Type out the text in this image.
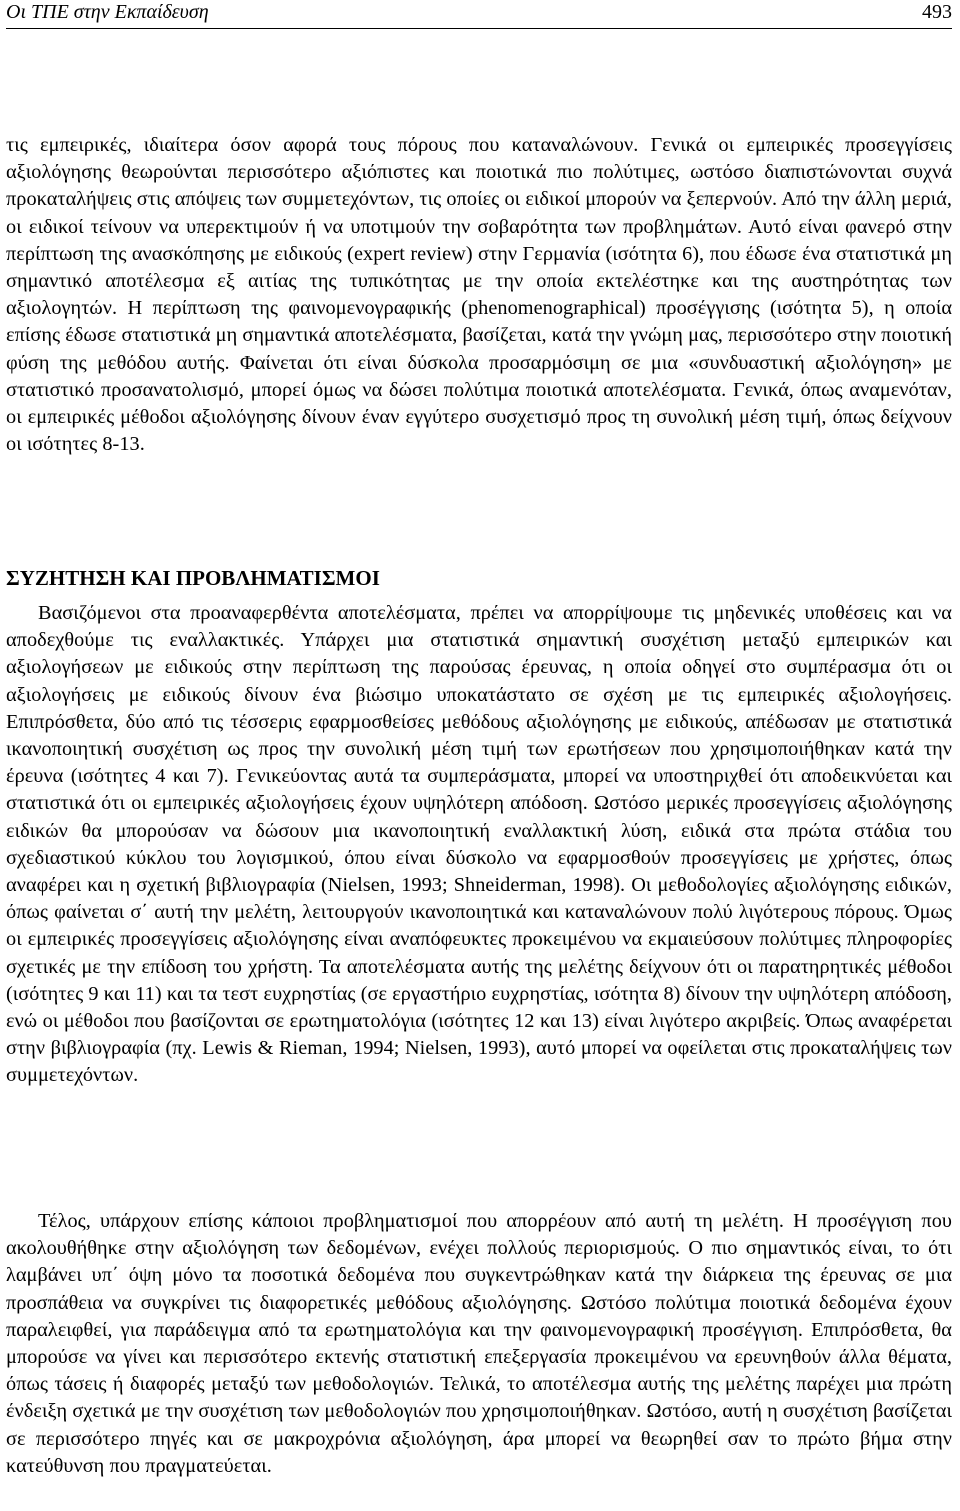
Οι ΤΠΕ στην Εκπαίδευση	493

τις εμπειρικές, ιδιαίτερα όσον αφορά τους πόρους που καταναλώνουν. Γενικά οι εμπειρικές προσεγγίσεις αξιολόγησης θεωρούνται περισσότερο αξιόπιστες και ποιοτικά πιο πολύτιμες, ωστόσο διαπιστώνονται συχνά προκαταλήψεις στις απόψεις των συμμετεχόντων, τις οποίες οι ειδικοί μπορούν να ξεπερνούν. Από την άλλη μεριά, οι ειδικοί τείνουν να υπερεκτιμούν ή να υποτιμούν την σοβαρότητα των προβλημάτων. Αυτό είναι φανερό στην περίπτωση της ανασκόπησης με ειδικούς (expert review) στην Γερμανία (ισότητα 6), που έδωσε ένα στατιστικά μη σημαντικό αποτέλεσμα εξ αιτίας της τυπικότητας με την οποία εκτελέστηκε και της αυστηρότητας των αξιολογητών. Η περίπτωση της φαινομενογραφικής (phenomenographical) προσέγγισης (ισότητα 5), η οποία επίσης έδωσε στατιστικά μη σημαντικά αποτελέσματα, βασίζεται, κατά την γνώμη μας, περισσότερο στην ποιοτική φύση της μεθόδου αυτής. Φαίνεται ότι είναι δύσκολα προσαρμόσιμη σε μια «συνδυαστική αξιολόγηση» με στατιστικό προσανατολισμό, μπορεί όμως να δώσει πολύτιμα ποιοτικά αποτελέσματα. Γενικά, όπως αναμενόταν, οι εμπειρικές μέθοδοι αξιολόγησης δίνουν έναν εγγύτερο συσχετισμό προς τη συνολική μέση τιμή, όπως δείχνουν οι ισότητες 8-13.

ΣΥΖΗΤΗΣΗ ΚΑΙ ΠΡΟΒΛΗΜΑΤΙΣΜΟΙ

Βασιζόμενοι στα προαναφερθέντα αποτελέσματα, πρέπει να απορρίψουμε τις μηδενικές υποθέσεις και να αποδεχθούμε τις εναλλακτικές. Υπάρχει μια στατιστικά σημαντική συσχέτιση μεταξύ εμπειρικών και αξιολογήσεων με ειδικούς στην περίπτωση της παρούσας έρευνας, η οποία οδηγεί στο συμπέρασμα ότι οι αξιολογήσεις με ειδικούς δίνουν ένα βιώσιμο υποκατάστατο σε σχέση με τις εμπειρικές αξιολογήσεις. Επιπρόσθετα, δύο από τις τέσσερις εφαρμοσθείσες μεθόδους αξιολόγησης με ειδικούς, απέδωσαν με στατιστικά ικανοποιητική συσχέτιση ως προς την συνολική μέση τιμή των ερωτήσεων που χρησιμοποιήθηκαν κατά την έρευνα (ισότητες 4 και 7). Γενικεύοντας αυτά τα συμπεράσματα, μπορεί να υποστηριχθεί ότι αποδεικνύεται και στατιστικά ότι οι εμπειρικές αξιολογήσεις έχουν υψηλότερη απόδοση. Ωστόσο μερικές προσεγγίσεις αξιολόγησης ειδικών θα μπορούσαν να δώσουν μια ικανοποιητική εναλλακτική λύση, ειδικά στα πρώτα στάδια του σχεδιαστικού κύκλου του λογισμικού, όπου είναι δύσκολο να εφαρμοσθούν προσεγγίσεις με χρήστες, όπως αναφέρει και η σχετική βιβλιογραφία (Nielsen, 1993; Shneiderman, 1998). Οι μεθοδολογίες αξιολόγησης ειδικών, όπως φαίνεται σ΄ αυτή την μελέτη, λειτουργούν ικανοποιητικά και καταναλώνουν πολύ λιγότερους πόρους. Όμως οι εμπειρικές προσεγγίσεις αξιολόγησης είναι αναπόφευκτες προκειμένου να εκμαιεύσουν πολύτιμες πληροφορίες σχετικές με την επίδοση του χρήστη. Τα αποτελέσματα αυτής της μελέτης δείχνουν ότι οι παρατηρητικές μέθοδοι (ισότητες 9 και 11) και τα τεστ ευχρηστίας (σε εργαστήριο ευχρηστίας, ισότητα 8) δίνουν την υψηλότερη απόδοση, ενώ οι μέθοδοι που βασίζονται σε ερωτηματολόγια (ισότητες 12 και 13) είναι λιγότερο ακριβείς. Όπως αναφέρεται στην βιβλιογραφία (πχ. Lewis & Rieman, 1994; Nielsen, 1993), αυτό μπορεί να οφείλεται στις προκαταλήψεις των συμμετεχόντων.

Τέλος, υπάρχουν επίσης κάποιοι προβληματισμοί που απορρέουν από αυτή τη μελέτη. Η προσέγγιση που ακολουθήθηκε στην αξιολόγηση των δεδομένων, ενέχει πολλούς περιορισμούς. Ο πιο σημαντικός είναι, το ότι λαμβάνει υπ΄ όψη μόνο τα ποσοτικά δεδομένα που συγκεντρώθηκαν κατά την διάρκεια της έρευνας σε μια προσπάθεια να συγκρίνει τις διαφορετικές μεθόδους αξιολόγησης. Ωστόσο πολύτιμα ποιοτικά δεδομένα έχουν παραλειφθεί, για παράδειγμα από τα ερωτηματολόγια και την φαινομενογραφική προσέγγιση. Επιπρόσθετα, θα μπορούσε να γίνει και περισσότερο εκτενής στατιστική επεξεργασία προκειμένου να ερευνηθούν άλλα θέματα, όπως τάσεις ή διαφορές μεταξύ των μεθοδολογιών. Τελικά, το αποτέλεσμα αυτής της μελέτης παρέχει μια πρώτη ένδειξη σχετικά με την συσχέτιση των μεθοδολογιών που χρησιμοποιήθηκαν. Ωστόσο, αυτή η συσχέτιση βασίζεται σε περισσότερο πηγές και σε μακροχρόνια αξιολόγηση, άρα μπορεί να θεωρηθεί σαν το πρώτο βήμα στην κατεύθυνση που πραγματεύεται.
